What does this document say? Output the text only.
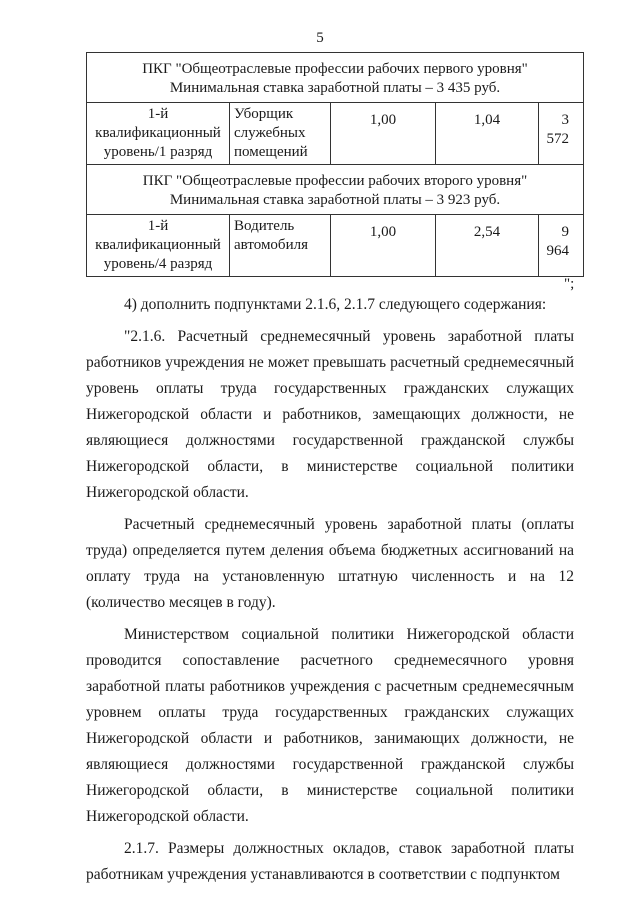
5
ПКГ "Общеотраслевые профессии рабочих первого уровня"
Минимальная ставка заработной платы – 3 435 руб.				

1-й квалификационный уровень/1 разряд	Уборщик служебных помещений	1,00	1,04	3 572

ПКГ "Общеотраслевые профессии рабочих второго уровня"
Минимальная ставка заработной платы – 3 923 руб.				

1-й квалификационный уровень/4 разряд	Водитель автомобиля	1,00	2,54	9 964
";

4) дополнить подпунктами 2.1.6, 2.1.7 следующего содержания:

"2.1.6. Расчетный среднемесячный уровень заработной платы работников учреждения не может превышать расчетный среднемесячный уровень оплаты труда государственных гражданских служащих Нижегородской области и работников, замещающих должности, не являющиеся должностями государственной гражданской службы Нижегородской области, в министерстве социальной политики Нижегородской области.

Расчетный среднемесячный уровень заработной платы (оплаты труда) определяется путем деления объема бюджетных ассигнований на оплату труда на установленную штатную численность и на 12 (количество месяцев в году).

Министерством социальной политики Нижегородской области проводится сопоставление расчетного среднемесячного уровня заработной платы работников учреждения с расчетным среднемесячным уровнем оплаты труда государственных гражданских служащих Нижегородской области и работников, занимающих должности, не являющиеся должностями государственной гражданской службы Нижегородской области, в министерстве социальной политики Нижегородской области.

2.1.7. Размеры должностных окладов, ставок заработной платы работникам учреждения устанавливаются в соответствии с подпунктом
